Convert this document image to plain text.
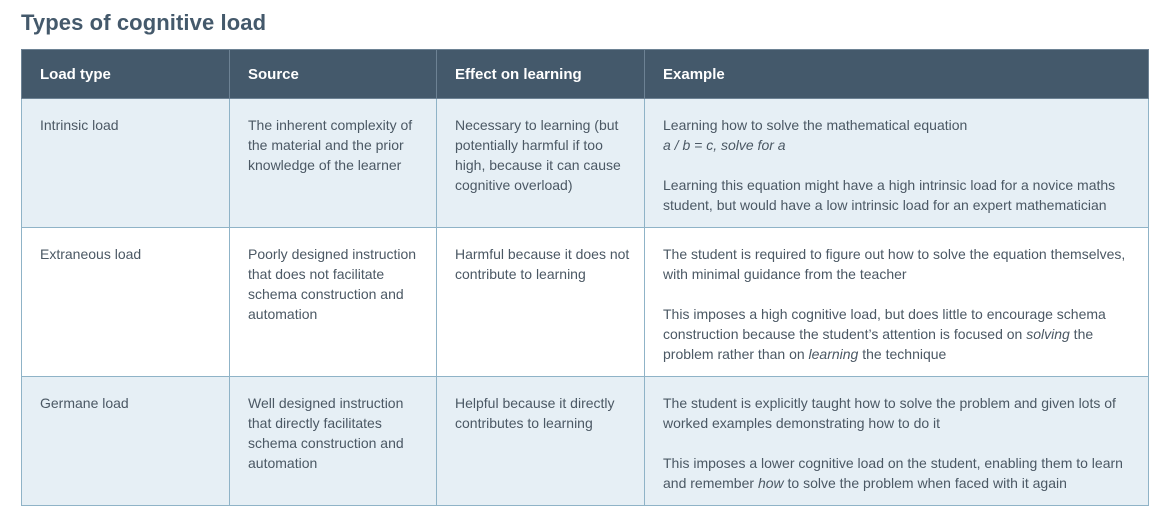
Types of cognitive load
Load type	Source	Effect on learning	Example
Intrinsic load	The inherent complexity of the material and the prior knowledge of the learner	Necessary to learning (but potentially harmful if too high, because it can cause cognitive overload)	Learning how to solve the mathematical equation
a / b = c, solve for a
Learning this equation might have a high intrinsic load for a novice maths student, but would have a low intrinsic load for an expert mathematician

Extraneous load	Poorly designed instruction that does not facilitate schema construction and automation	Harmful because it does not contribute to learning	The student is required to figure out how to solve the equation themselves, with minimal guidance from the teacher
This imposes a high cognitive load, but does little to encourage schema construction because the student’s attention is focused on solving the problem rather than on learning the technique

Germane load	Well designed instruction that directly facilitates schema construction and automation	Helpful because it directly contributes to learning	The student is explicitly taught how to solve the problem and given lots of worked examples demonstrating how to do it
This imposes a lower cognitive load on the student, enabling them to learn and remember how to solve the problem when faced with it again
